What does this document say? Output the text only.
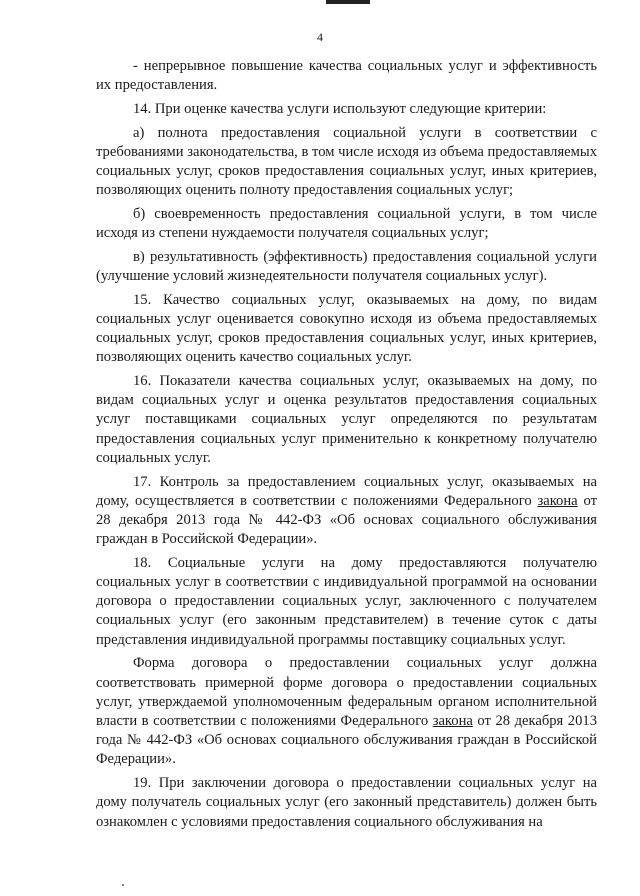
4

- непрерывное повышение качества социальных услуг и эффективность их предоставления.

14. При оценке качества услуги используют следующие критерии:

а) полнота предоставления социальной услуги в соответствии с требованиями законодательства, в том числе исходя из объема предоставляемых социальных услуг, сроков предоставления социальных услуг, иных критериев, позволяющих оценить полноту предоставления социальных услуг;

б) своевременность предоставления социальной услуги, в том числе исходя из степени нуждаемости получателя социальных услуг;

в) результативность (эффективность) предоставления социальной услуги (улучшение условий жизнедеятельности получателя социальных услуг).

15. Качество социальных услуг, оказываемых на дому, по видам социальных услуг оценивается совокупно исходя из объема предоставляемых социальных услуг, сроков предоставления социальных услуг, иных критериев, позволяющих оценить качество социальных услуг.

16. Показатели качества социальных услуг, оказываемых на дому, по видам социальных услуг и оценка результатов предоставления социальных услуг поставщиками социальных услуг определяются по результатам предоставления социальных услуг применительно к конкретному получателю социальных услуг.

17. Контроль за предоставлением социальных услуг, оказываемых на дому, осуществляется в соответствии с положениями Федерального закона от 28 декабря 2013 года № 442-ФЗ «Об основах социального обслуживания граждан в Российской Федерации».

18. Социальные услуги на дому предоставляются получателю социальных услуг в соответствии с индивидуальной программой на основании договора о предоставлении социальных услуг, заключенного с получателем социальных услуг (его законным представителем) в течение суток с даты представления индивидуальной программы поставщику социальных услуг.

Форма договора о предоставлении социальных услуг должна соответствовать примерной форме договора о предоставлении социальных услуг, утверждаемой уполномоченным федеральным органом исполнительной власти в соответствии с положениями Федерального закона от 28 декабря 2013 года № 442-ФЗ «Об основах социального обслуживания граждан в Российской Федерации».

19. При заключении договора о предоставлении социальных услуг на дому получатель социальных услуг (его законный представитель) должен быть ознакомлен с условиями предоставления социального обслуживания на
